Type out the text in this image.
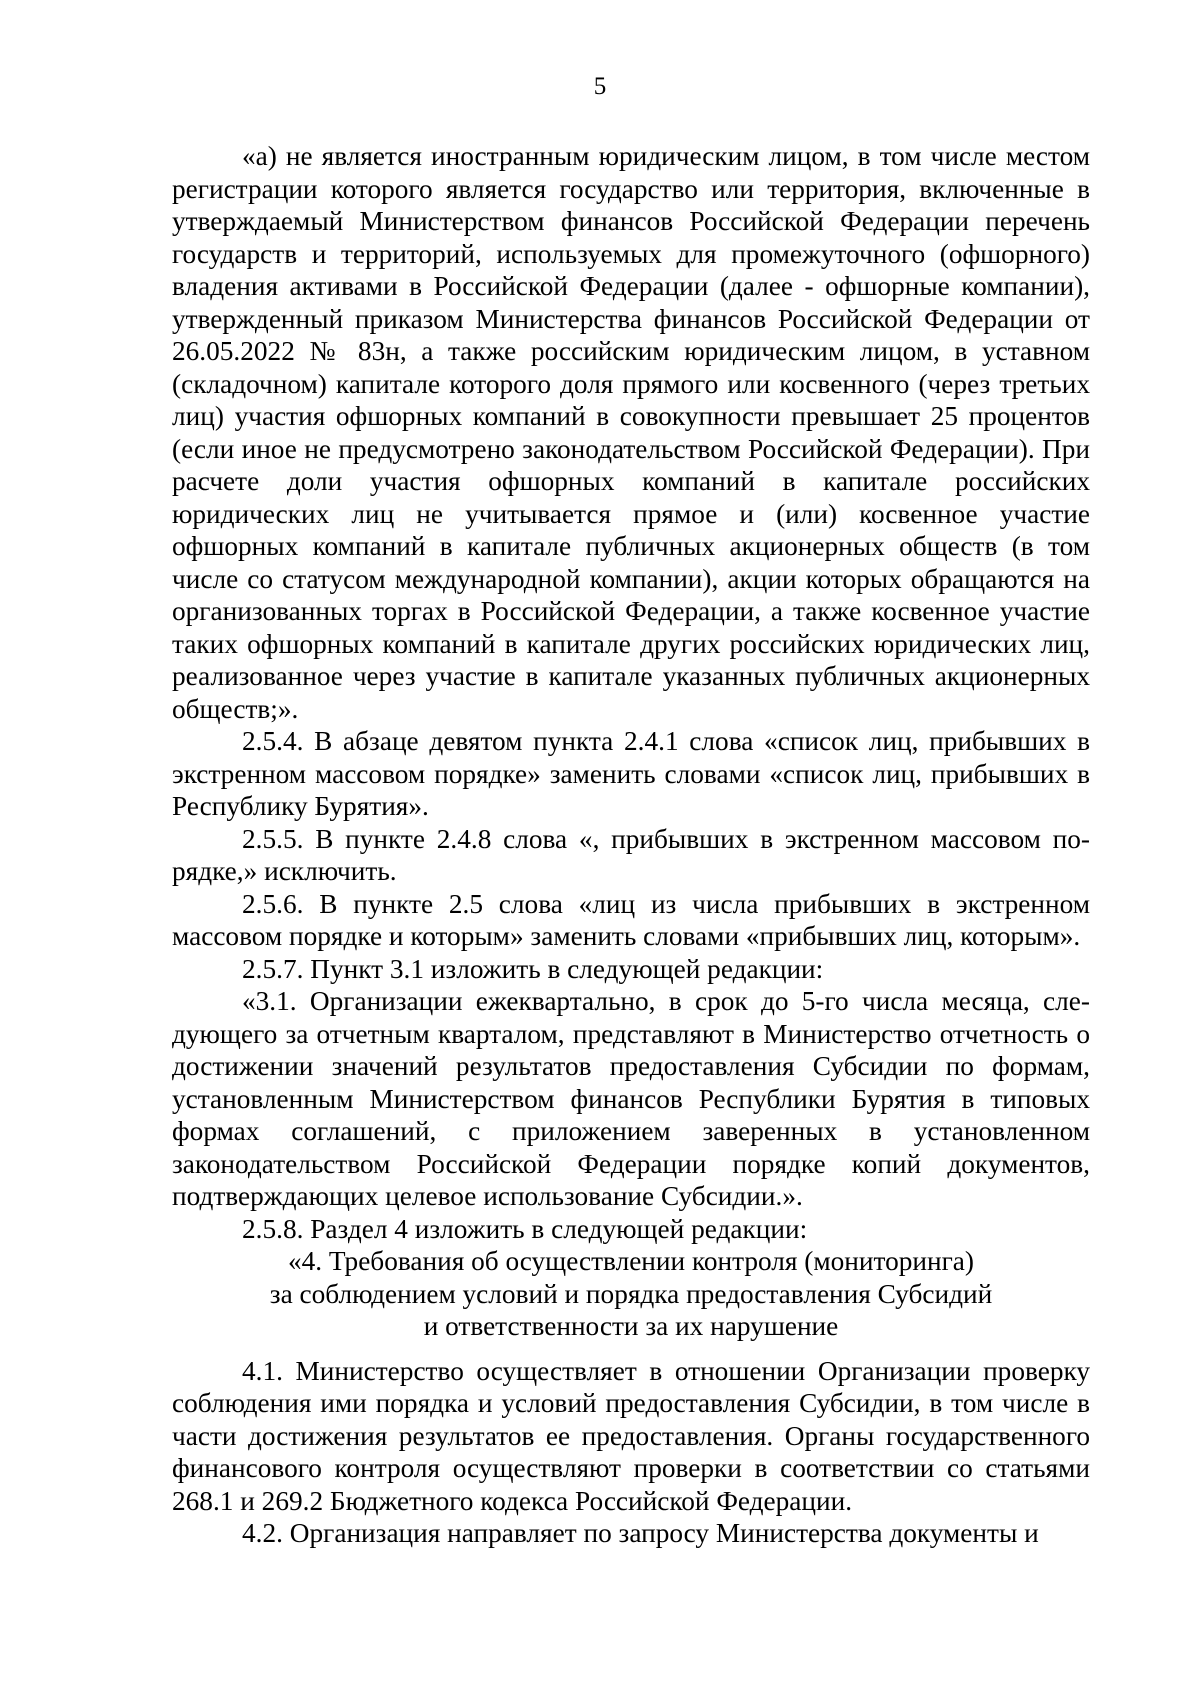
5

«а) не является иностранным юридическим лицом, в том числе местом регистрации которого является государство или территория, включенные в утверждаемый Министерством финансов Российской Федерации перечень государств и территорий, используемых для промежуточного (офшорного) владения активами в Российской Федерации (далее - офшорные компании), утвержденный приказом Министерства финансов Российской Федерации от 26.05.2022 № 83н, а также российским юридическим лицом, в уставном (складочном) капитале которого доля прямого или косвенного (через третьих лиц) участия офшорных компаний в совокупности превышает 25 процентов (если иное не предусмотрено законодательством Российской Федерации). При расчете доли участия офшорных компаний в капитале российских юридических лиц не учитывается прямое и (или) косвенное участие офшорных компаний в капитале публичных акционерных обществ (в том числе со статусом международной компании), акции которых обращаются на организованных торгах в Российской Федерации, а также косвенное участие таких офшорных компаний в капитале других российских юридических лиц, реализованное через участие в капитале указанных публичных акционерных обществ;».

2.5.4. В абзаце девятом пункта 2.4.1 слова «список лиц, прибывших в экстренном массовом порядке» заменить словами «список лиц, прибывших в Республику Бурятия».

2.5.5. В пункте 2.4.8 слова «, прибывших в экстренном массовом порядке,» исключить.

2.5.6. В пункте 2.5 слова «лиц из числа прибывших в экстренном массовом порядке и которым» заменить словами «прибывших лиц, которым».

2.5.7. Пункт 3.1 изложить в следующей редакции:

«3.1. Организации ежеквартально, в срок до 5-го числа месяца, следующего за отчетным кварталом, представляют в Министерство отчетность о достижении значений результатов предоставления Субсидии по формам, установленным Министерством финансов Республики Бурятия в типовых формах соглашений, с приложением заверенных в установленном законодательством Российской Федерации порядке копий документов, подтверждающих целевое использование Субсидии.».

2.5.8. Раздел 4 изложить в следующей редакции:

«4. Требования об осуществлении контроля (мониторинга)

за соблюдением условий и порядка предоставления Субсидий

и ответственности за их нарушение

4.1. Министерство осуществляет в отношении Организации проверку соблюдения ими порядка и условий предоставления Субсидии, в том числе в части достижения результатов ее предоставления. Органы государственного финансового контроля осуществляют проверки в соответствии со статьями 268.1 и 269.2 Бюджетного кодекса Российской Федерации.

4.2. Организация направляет по запросу Министерства документы и
